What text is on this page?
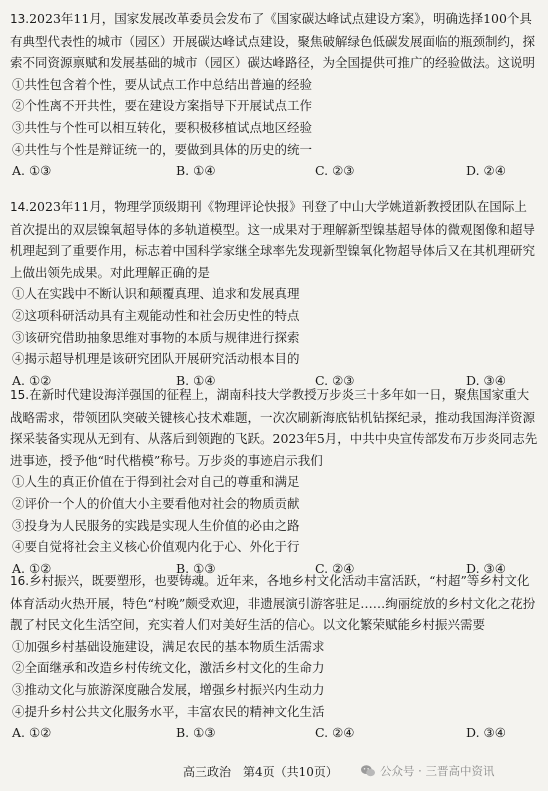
13.2023年11月，国家发展改革委员会发布了《国家碳达峰试点建设方案》，明确选择100个具有典型代表性的城市（园区）开展碳达峰试点建设，聚焦破解绿色低碳发展面临的瓶颈制约，探索不同资源禀赋和发展基础的城市（园区）碳达峰路径，为全国提供可推广的经验做法。这说明

①共性包含着个性，要从试点工作中总结出普遍的经验

②个性离不开共性，要在建设方案指导下开展试点工作

③共性与个性可以相互转化，要积极移植试点地区经验

④共性与个性是辩证统一的，要做到具体的历史的统一

A. ①③	B. ①④	C. ②③	D. ②④

14.2023年11月，物理学顶级期刊《物理评论快报》刊登了中山大学姚道新教授团队在国际上首次提出的双层镍氧超导体的多轨道模型。这一成果对于理解新型镍基超导体的微观图像和超导机理起到了重要作用，标志着中国科学家继全球率先发现新型镍氧化物超导体后又在其机理研究上做出领先成果。对此理解正确的是

①人在实践中不断认识和颠覆真理、追求和发展真理

②这项科研活动具有主观能动性和社会历史性的特点

③该研究借助抽象思维对事物的本质与规律进行探索

④揭示超导机理是该研究团队开展研究活动根本目的

A. ①②	B. ①④	C. ②③	D. ③④

15.在新时代建设海洋强国的征程上，湖南科技大学教授万步炎三十多年如一日，聚焦国家重大战略需求，带领团队突破关键核心技术难题，一次次刷新海底钻机钻探纪录，推动我国海洋资源探采装备实现从无到有、从落后到领跑的飞跃。2023年5月，中共中央宣传部发布万步炎同志先进事迹，授予他“时代楷模”称号。万步炎的事迹启示我们

①人生的真正价值在于得到社会对自己的尊重和满足

②评价一个人的价值大小主要看他对社会的物质贡献

③投身为人民服务的实践是实现人生价值的必由之路

④要自觉将社会主义核心价值观内化于心、外化于行

A. ①②	B. ①③	C. ②④	D. ③④

16.乡村振兴，既要塑形，也要铸魂。近年来，各地乡村文化活动丰富活跃，“村超”等乡村文化体育活动火热开展，特色“村晚”颇受欢迎，非遗展演引游客驻足……绚丽绽放的乡村文化之花扮靓了村民文化生活空间，充实着人们对美好生活的信心。以文化繁荣赋能乡村振兴需要

①加强乡村基础设施建设，满足农民的基本物质生活需求

②全面继承和改造乡村传统文化，激活乡村文化的生命力

③推动文化与旅游深度融合发展，增强乡村振兴内生动力

④提升乡村公共文化服务水平，丰富农民的精神文化生活

A. ①②	B. ①③	C. ②④	D. ③④
高三政治　第4页（共10页）	公众号 · 三晋高中资讯
